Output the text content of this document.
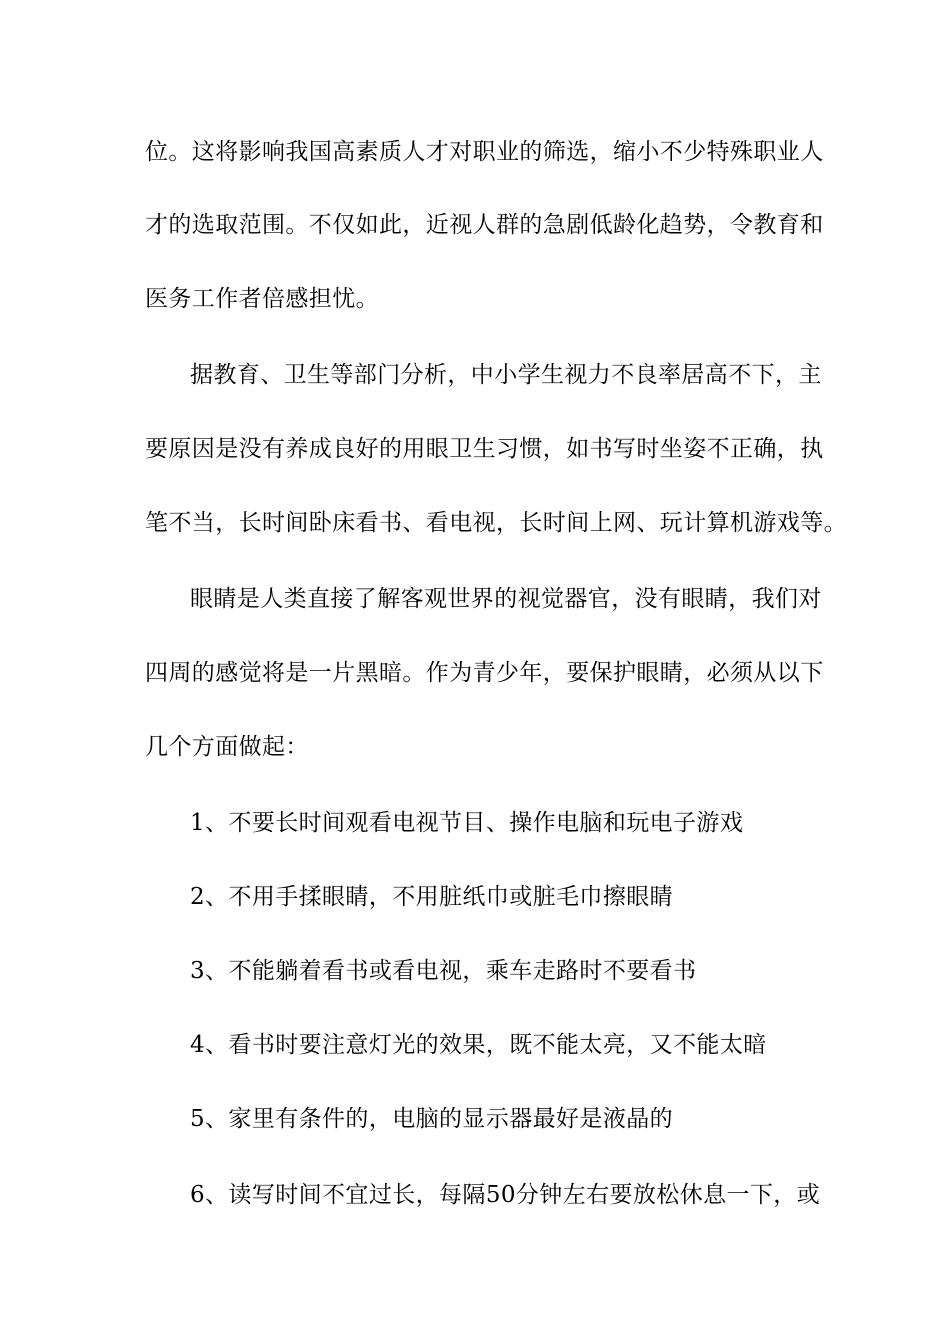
位。这将影响我国高素质人才对职业的筛选，缩小不少特殊职业人
才的选取范围。不仅如此，近视人群的急剧低龄化趋势，令教育和
医务工作者倍感担忧。
据教育、卫生等部门分析，中小学生视力不良率居高不下，主
要原因是没有养成良好的用眼卫生习惯，如书写时坐姿不正确，执
笔不当，长时间卧床看书、看电视，长时间上网、玩计算机游戏等。
眼睛是人类直接了解客观世界的视觉器官，没有眼睛，我们对
四周的感觉将是一片黑暗。作为青少年，要保护眼睛，必须从以下
几个方面做起：
1、不要长时间观看电视节目、操作电脑和玩电子游戏
2、不用手揉眼睛，不用脏纸巾或脏毛巾擦眼睛
3、不能躺着看书或看电视，乘车走路时不要看书
4、看书时要注意灯光的效果，既不能太亮，又不能太暗
5、家里有条件的，电脑的显示器最好是液晶的
6、读写时间不宜过长，每隔50分钟左右要放松休息一下，或
